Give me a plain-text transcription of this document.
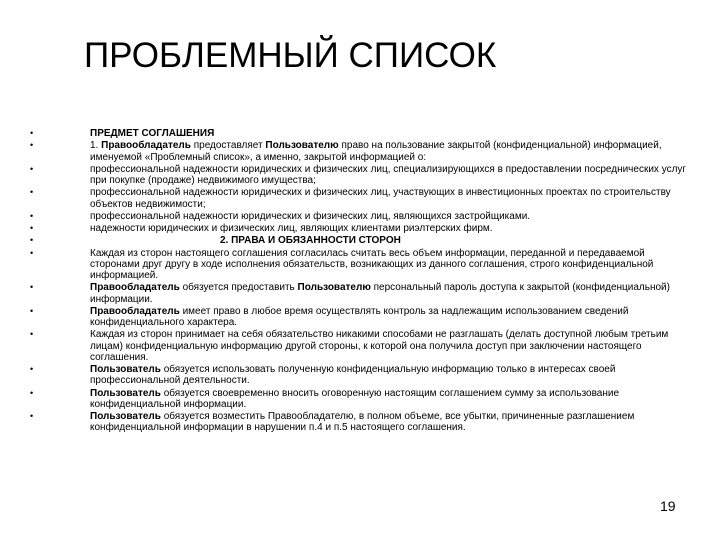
ПРОБЛЕМНЫЙ СПИСОК
•	ПРЕДМЕТ СОГЛАШЕНИЯ
•	1. Правообладатель предоставляет Пользователю право на пользование закрытой (конфиденциальной) информацией, именуемой «Проблемный список», а именно, закрытой информацией о:
•	профессиональной надежности юридических и физических лиц, специализирующихся в предоставлении посреднических услуг при покупке (продаже) недвижимого имущества;
•	профессиональной надежности юридических и физических лиц, участвующих в инвестиционных проектах по строительству объектов недвижимости;
•	профессиональной надежности юридических и физических лиц, являющихся застройщиками.
•	надежности юридических и физических лиц, являющих клиентами риэлтерских фирм.
•	2. ПРАВА И ОБЯЗАННОСТИ СТОРОН
•	Каждая из сторон настоящего соглашения согласилась считать весь объем информации, переданной и передаваемой сторонами друг другу в ходе исполнения обязательств, возникающих из данного соглашения, строго конфиденциальной информацией.
•	Правообладатель обязуется предоставить Пользователю персональный пароль доступа к закрытой (конфиденциальной) информации.
•	Правообладатель имеет право в любое время осуществлять контроль за надлежащим использованием сведений конфиденциального характера.
•	Каждая из сторон принимает на себя обязательство никакими способами не разглашать (делать доступной любым третьим лицам) конфиденциальную информацию другой стороны, к которой она получила доступ при заключении настоящего соглашения.
•	Пользователь обязуется использовать полученную конфиденциальную информацию только в интересах своей профессиональной деятельности.
•	Пользователь обязуется своевременно вносить оговоренную настоящим соглашением сумму за использование конфиденциальной информации.
•	Пользователь обязуется возместить Правообладателю, в полном объеме, все убытки, причиненные разглашением конфиденциальной информации в нарушении п.4 и п.5 настоящего соглашения.
19
